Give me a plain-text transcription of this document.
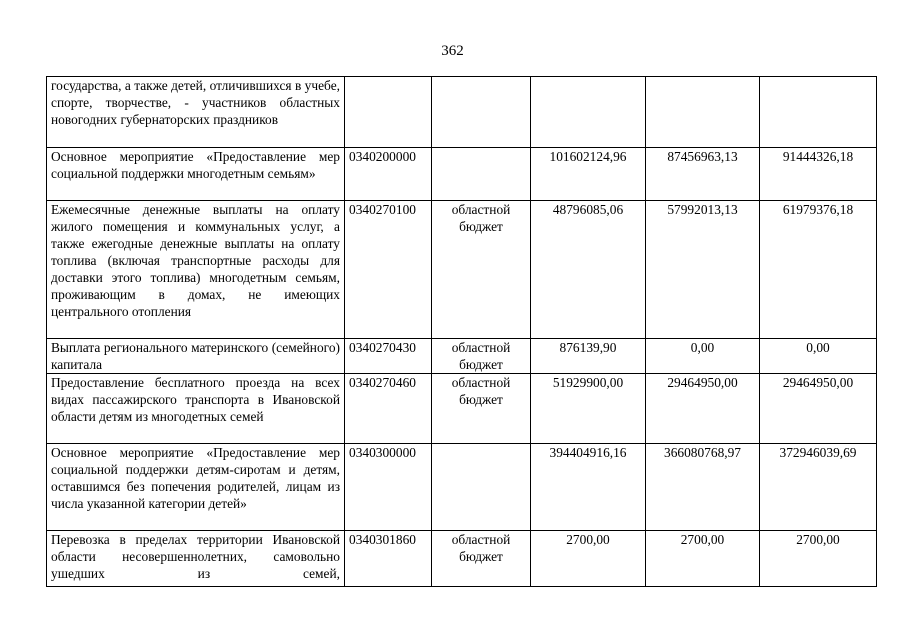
362
государства, а также детей, отличившихся в учебе, спорте, творчестве, - участников областных новогодних губернаторских праздников					
Основное мероприятие «Предоставление мер социальной поддержки многодетным семьям»	0340200000		101602124,96	87456963,13	91444326,18
Ежемесячные денежные выплаты на оплату жилого помещения и коммунальных услуг, а также ежегодные денежные выплаты на оплату топлива (включая транспортные расходы для доставки этого топлива) многодетным семьям, проживающим в домах, не имеющих центрального отопления	0340270100	областной бюджет	48796085,06	57992013,13	61979376,18
Выплата регионального материнского (семейного) капитала	0340270430	областной бюджет	876139,90	0,00	0,00
Предоставление бесплатного проезда на всех видах пассажирского транспорта в Ивановской области детям из многодетных семей	0340270460	областной бюджет	51929900,00	29464950,00	29464950,00
Основное мероприятие «Предоставление мер социальной поддержки детям-сиротам и детям, оставшимся без попечения родителей, лицам из числа указанной категории детей»	0340300000		394404916,16	366080768,97	372946039,69
Перевозка в пределах территории Ивановской области несовершеннолетних, самовольно ушедших из семей,	0340301860	областной бюджет	2700,00	2700,00	2700,00
